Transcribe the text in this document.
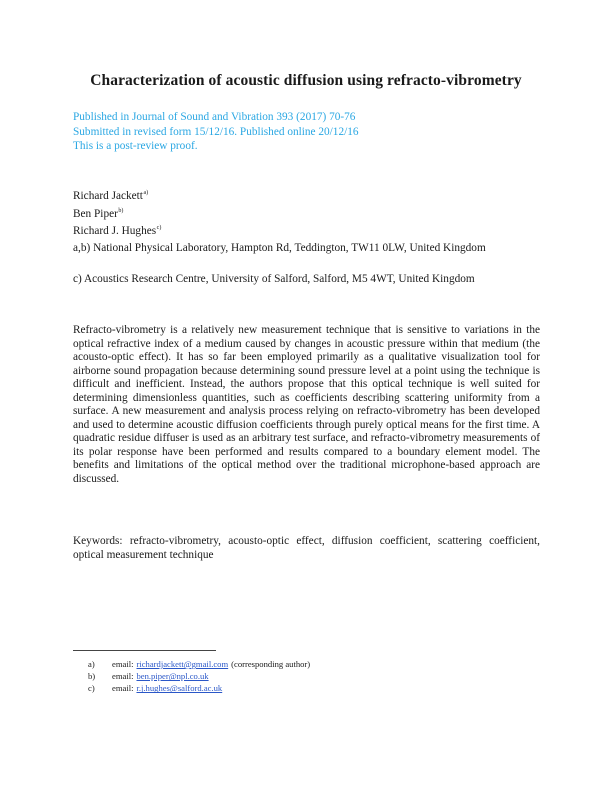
Characterization of acoustic diffusion using refracto-vibrometry
Published in Journal of Sound and Vibration 393 (2017) 70-76
Submitted in revised form 15/12/16. Published online 20/12/16
This is a post-review proof.
Richard Jackett$^{a)}$
Ben Piper$^{b)}$
Richard J. Hughes$^{c)}$
a,b) National Physical Laboratory, Hampton Rd, Teddington, TW11 0LW, United Kingdom
c) Acoustics Research Centre, University of Salford, Salford, M5 4WT, United Kingdom
Refracto-vibrometry is a relatively new measurement technique that is sensitive to variations in the optical refractive index of a medium caused by changes in acoustic pressure within that medium (the acousto-optic effect). It has so far been employed primarily as a qualitative visualization tool for airborne sound propagation because determining sound pressure level at a point using the technique is difficult and inefficient. Instead, the authors propose that this optical technique is well suited for determining dimensionless quantities, such as coefficients describing scattering uniformity from a surface. A new measurement and analysis process relying on refracto-vibrometry has been developed and used to determine acoustic diffusion coefficients through purely optical means for the first time. A quadratic residue diffuser is used as an arbitrary test surface, and refracto-vibrometry measurements of its polar response have been performed and results compared to a boundary element model. The benefits and limitations of the optical method over the traditional microphone-based approach are discussed.
Keywords: refracto-vibrometry, acousto-optic effect, diffusion coefficient, scattering coefficient, optical measurement technique
a)	email: richardjackett@gmail.com (corresponding author)
b)	email: ben.piper@npl.co.uk
c)	email: r.j.hughes@salford.ac.uk
